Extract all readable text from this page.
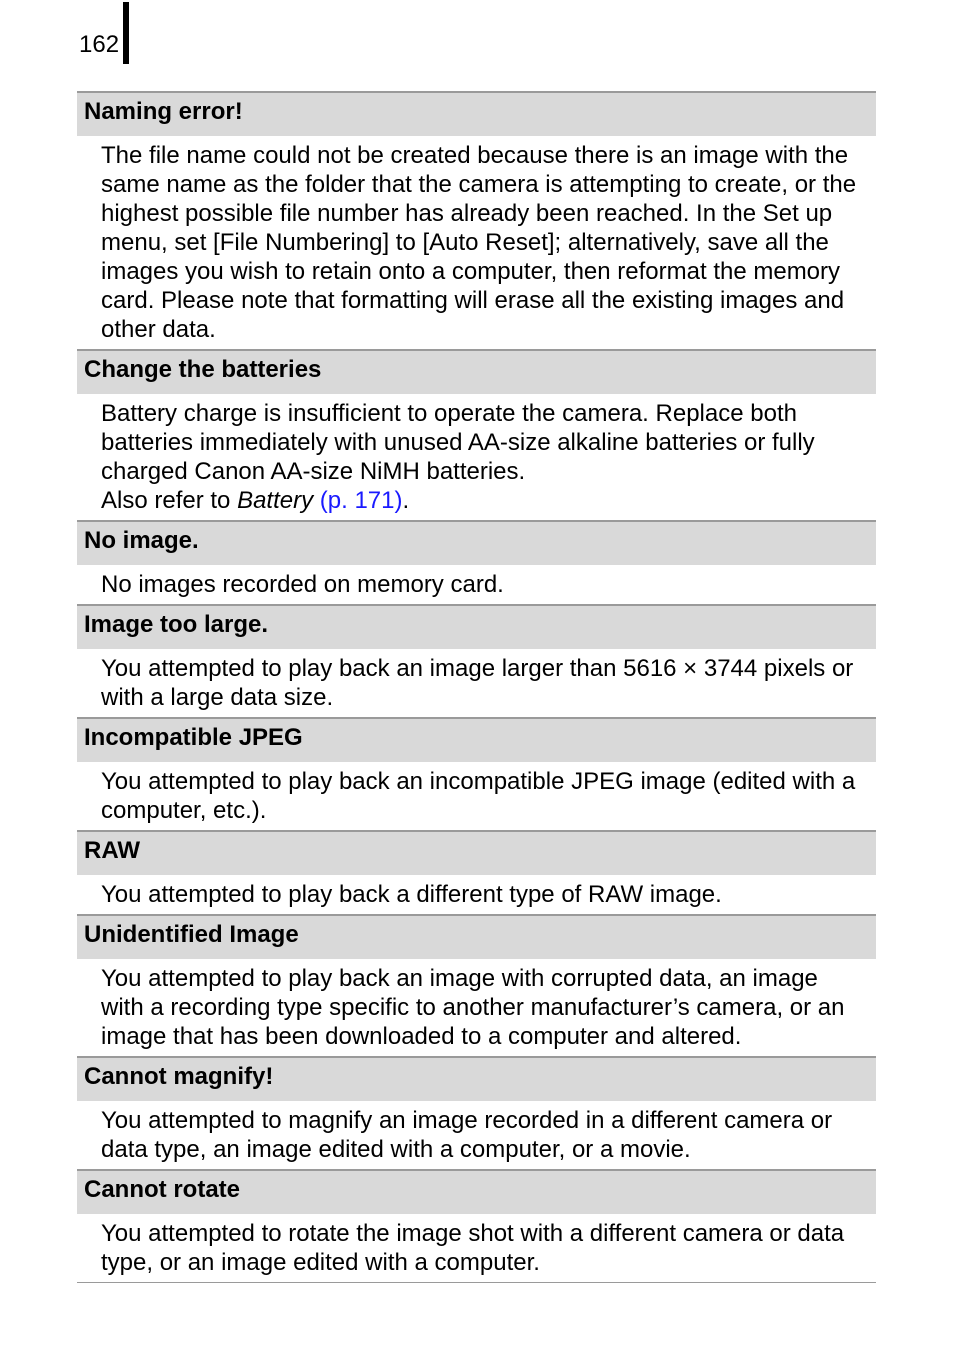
162
Naming error!

The file name could not be created because there is an image with the same name as the folder that the camera is attempting to create, or the highest possible file number has already been reached. In the Set up menu, set [File Numbering] to [Auto Reset]; alternatively, save all the images you wish to retain onto a computer, then reformat the memory card. Please note that formatting will erase all the existing images and other data.

Change the batteries

Battery charge is insufficient to operate the camera. Replace both batteries immediately with unused AA-size alkaline batteries or fully charged Canon AA-size NiMH batteries.

Also refer to Battery (p. 171).

No image.

No images recorded on memory card.

Image too large.

You attempted to play back an image larger than 5616 × 3744 pixels or with a large data size.

Incompatible JPEG

You attempted to play back an incompatible JPEG image (edited with a computer, etc.).

RAW

You attempted to play back a different type of RAW image.

Unidentified Image

You attempted to play back an image with corrupted data, an image with a recording type specific to another manufacturer’s camera, or an image that has been downloaded to a computer and altered.

Cannot magnify!

You attempted to magnify an image recorded in a different camera or data type, an image edited with a computer, or a movie.

Cannot rotate

You attempted to rotate the image shot with a different camera or data type, or an image edited with a computer.
